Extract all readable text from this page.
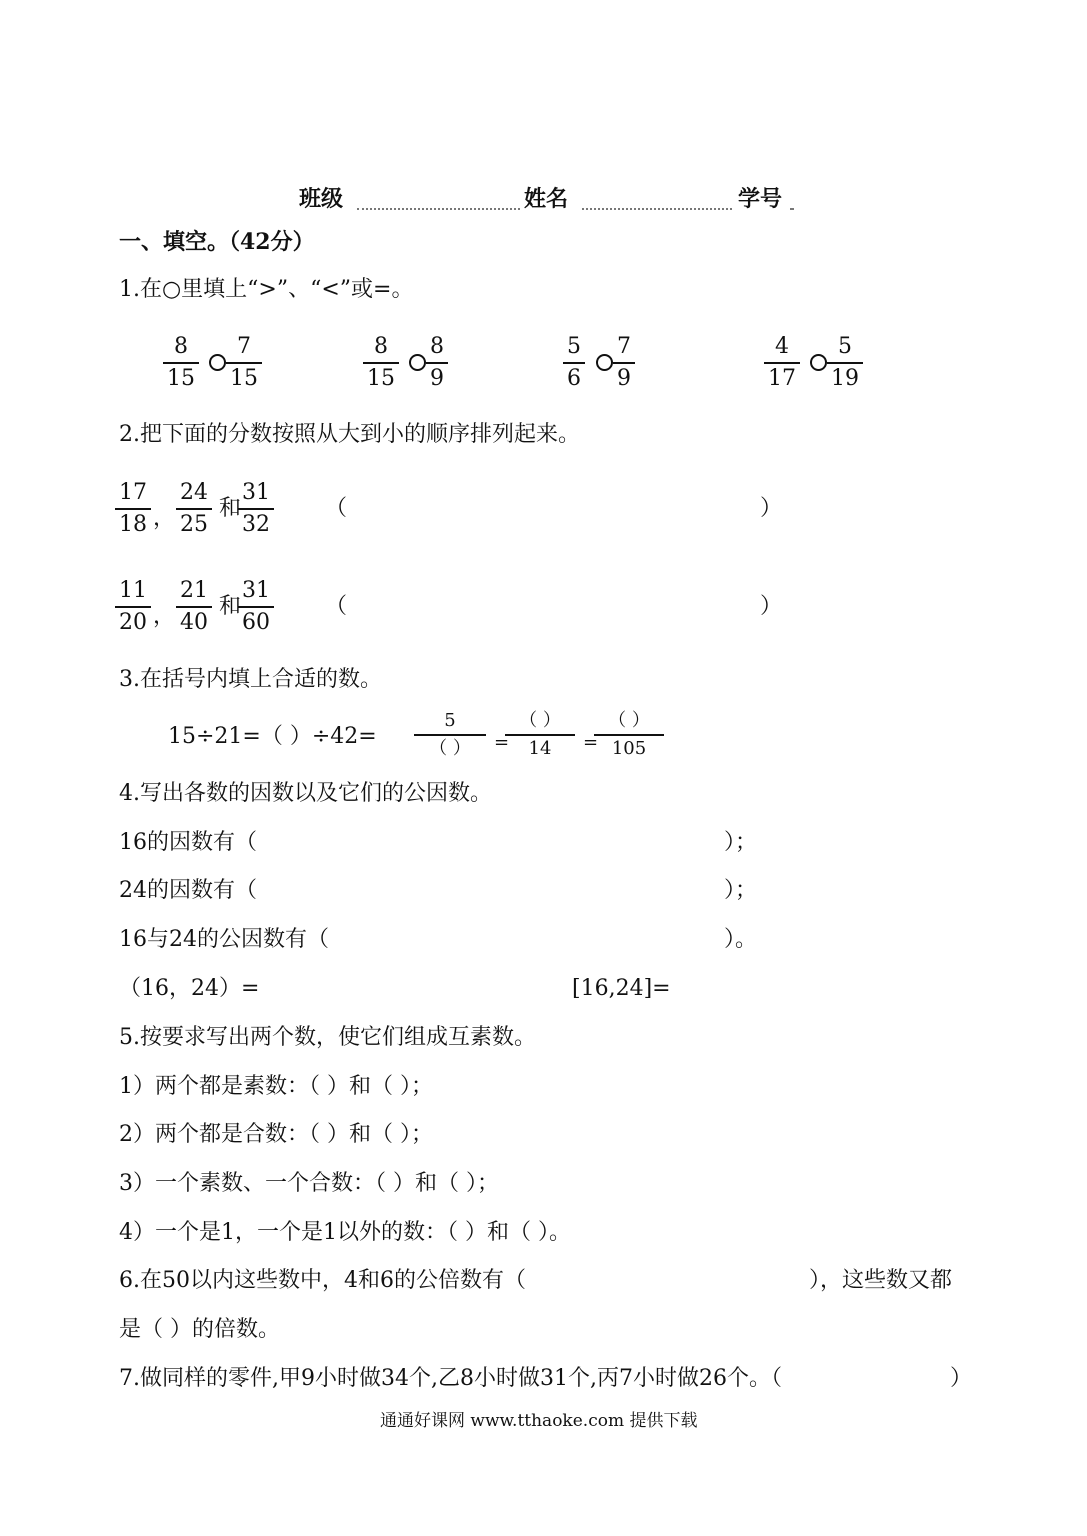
班级	姓名	学号
一、填空。（42分）
1.在○里填上“>”、“<”或=。
$\frac{8}{15} \frac{7}{15}$	$\frac{8}{15} \frac{8}{9}$	$\frac{5}{6} \frac{7}{9}$	$\frac{4}{17} \frac{5}{19}$
2.把下面的分数按照从大到小的顺序排列起来。
$\frac{17}{18}$ ， $\frac{24}{25}$ 和
$\frac{31}{32}$ （	）
$\frac{11}{20}$ ， $\frac{21}{40}$ 和
$\frac{31}{60}$ （	）
3.在括号内填上合适的数。
15÷21=（ ）÷42=
5
（ ）	=
（ ）
14	=
（ ）
105
4.写出各数的因数以及它们的公因数。
16的因数有（	）；
24的因数有（	）；
16与24的公因数有（	）。
（16，24）=	[16,24]=
5.按要求写出两个数，使它们组成互素数。
1）两个都是素数：（ ）和（ ）；
2）两个都是合数：（ ）和（ ）；
3）一个素数、一个合数：（ ）和（ ）；
4）一个是1，一个是1以外的数：（ ）和（ ）。
6.在50以内这些数中，4和6的公倍数有（	），这些数又都
是（ ）的倍数。
7.做同样的零件,甲9小时做34个,乙8小时做31个,丙7小时做26个。（	）
通通好课网 www.tthaoke.com 提供下载
